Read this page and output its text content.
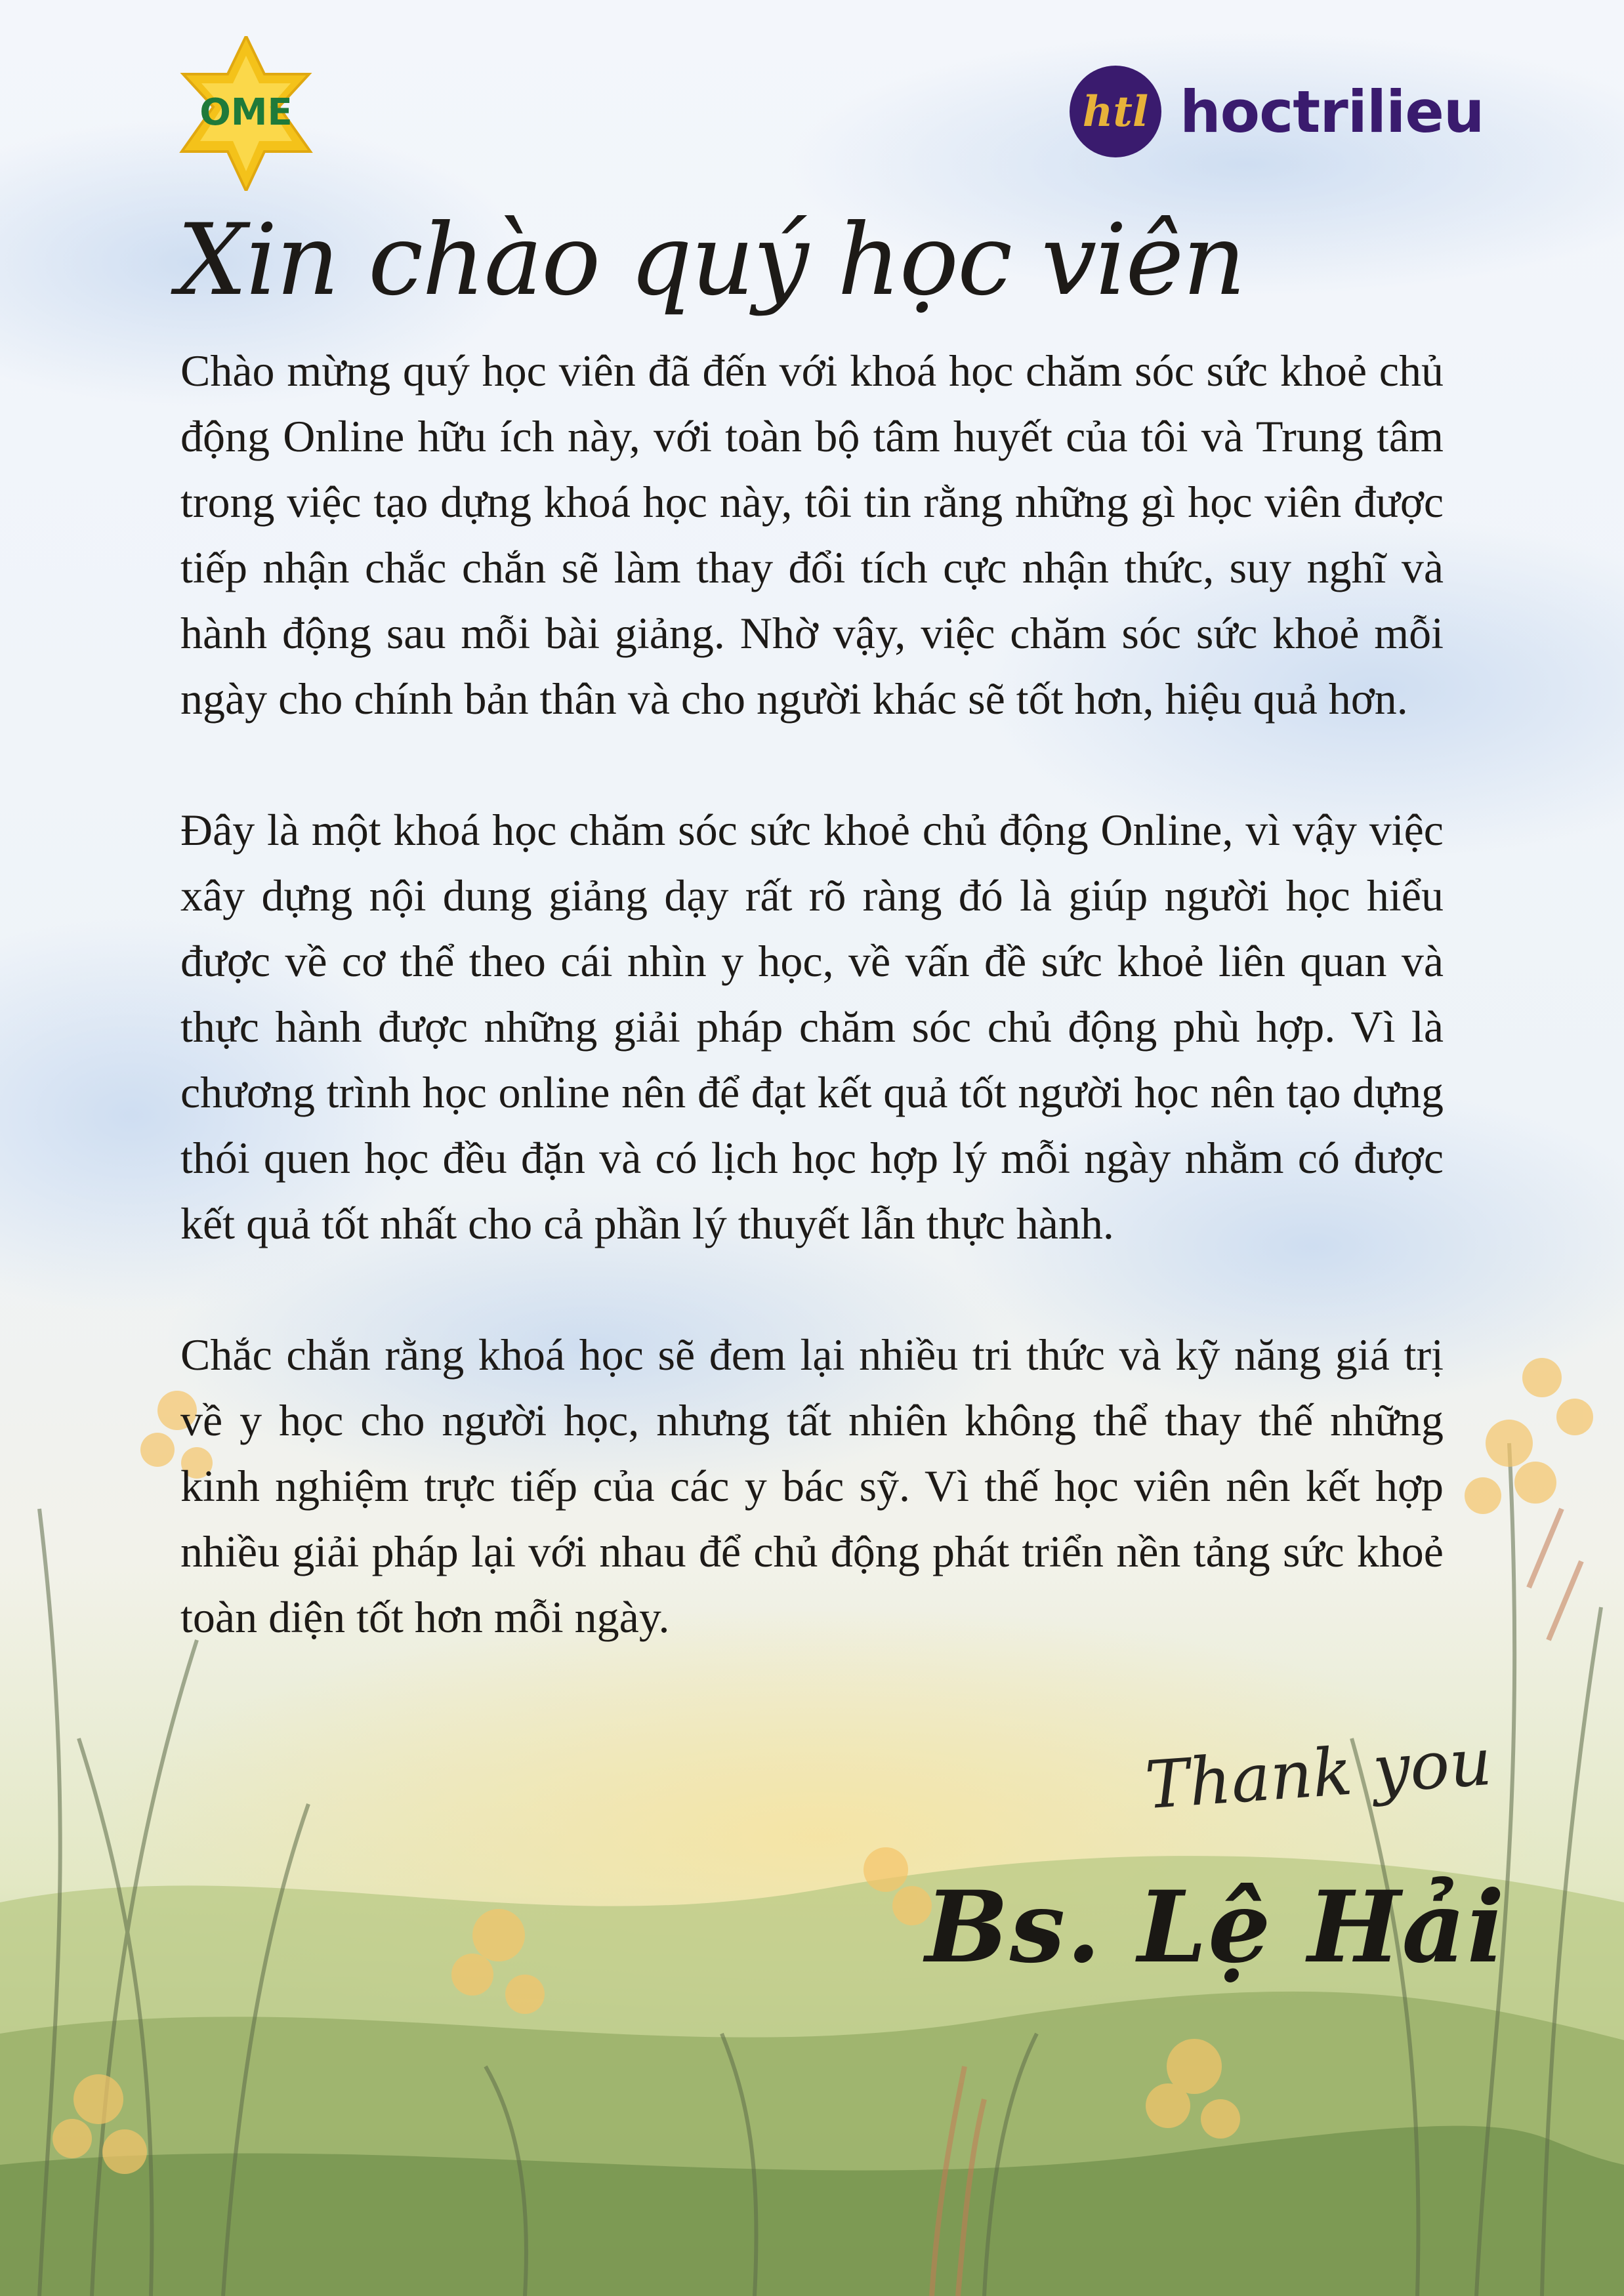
OME	htl hoctrilieu
Xin chào quý học viên

Chào mừng quý học viên đã đến với khoá học chăm sóc sức khoẻ chủ động Online hữu ích này, với toàn bộ tâm huyết của tôi và Trung tâm trong việc tạo dựng khoá học này, tôi tin rằng những gì học viên được tiếp nhận chắc chắn sẽ làm thay đổi tích cực nhận thức, suy nghĩ và hành động sau mỗi bài giảng. Nhờ vậy, việc chăm sóc sức khoẻ mỗi ngày cho chính bản thân và cho người khác sẽ tốt hơn, hiệu quả hơn.

Đây là một khoá học chăm sóc sức khoẻ chủ động Online, vì vậy việc xây dựng nội dung giảng dạy rất rõ ràng đó là giúp người học hiểu được về cơ thể theo cái nhìn y học, về vấn đề sức khoẻ liên quan và thực hành được những giải pháp chăm sóc chủ động phù hợp. Vì là chương trình học online nên để đạt kết quả tốt người học nên tạo dựng thói quen học đều đặn và có lịch học hợp lý mỗi ngày nhằm có được kết quả tốt nhất cho cả phần lý thuyết lẫn thực hành.

Chắc chắn rằng khoá học sẽ đem lại nhiều tri thức và kỹ năng giá trị về y học cho người học, nhưng tất nhiên không thể thay thế những kinh nghiệm trực tiếp của các y bác sỹ. Vì thế học viên nên kết hợp nhiều giải pháp lại với nhau để chủ động phát triển nền tảng sức khoẻ toàn diện tốt hơn mỗi ngày.

Thank you
Bs. Lệ Hải
